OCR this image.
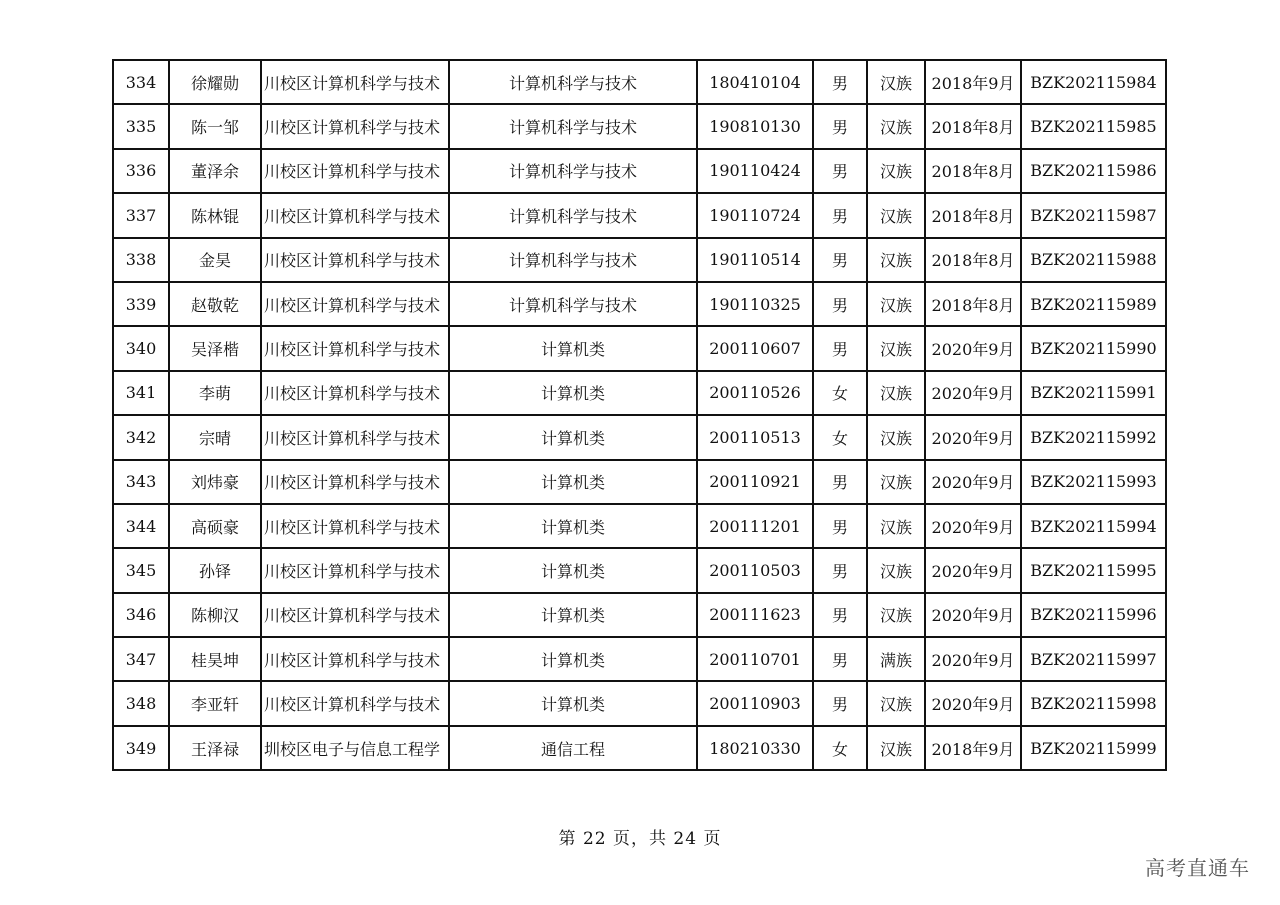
334	徐耀勋	川校区计算机科学与技术	计算机科学与技术	180410104	男	汉族	2018年9月	BZK202115984
335	陈一邹	川校区计算机科学与技术	计算机科学与技术	190810130	男	汉族	2018年8月	BZK202115985
336	董泽余	川校区计算机科学与技术	计算机科学与技术	190110424	男	汉族	2018年8月	BZK202115986
337	陈林锟	川校区计算机科学与技术	计算机科学与技术	190110724	男	汉族	2018年8月	BZK202115987
338	金昊	川校区计算机科学与技术	计算机科学与技术	190110514	男	汉族	2018年8月	BZK202115988
339	赵敬乾	川校区计算机科学与技术	计算机科学与技术	190110325	男	汉族	2018年8月	BZK202115989
340	吴泽楷	川校区计算机科学与技术	计算机类	200110607	男	汉族	2020年9月	BZK202115990
341	李萌	川校区计算机科学与技术	计算机类	200110526	女	汉族	2020年9月	BZK202115991
342	宗晴	川校区计算机科学与技术	计算机类	200110513	女	汉族	2020年9月	BZK202115992
343	刘炜豪	川校区计算机科学与技术	计算机类	200110921	男	汉族	2020年9月	BZK202115993
344	高硕豪	川校区计算机科学与技术	计算机类	200111201	男	汉族	2020年9月	BZK202115994
345	孙铎	川校区计算机科学与技术	计算机类	200110503	男	汉族	2020年9月	BZK202115995
346	陈柳汉	川校区计算机科学与技术	计算机类	200111623	男	汉族	2020年9月	BZK202115996
347	桂昊坤	川校区计算机科学与技术	计算机类	200110701	男	满族	2020年9月	BZK202115997
348	李亚轩	川校区计算机科学与技术	计算机类	200110903	男	汉族	2020年9月	BZK202115998
349	王泽禄	圳校区电子与信息工程学	通信工程	180210330	女	汉族	2018年9月	BZK202115999
第 22 页，共 24 页
高考直通车
